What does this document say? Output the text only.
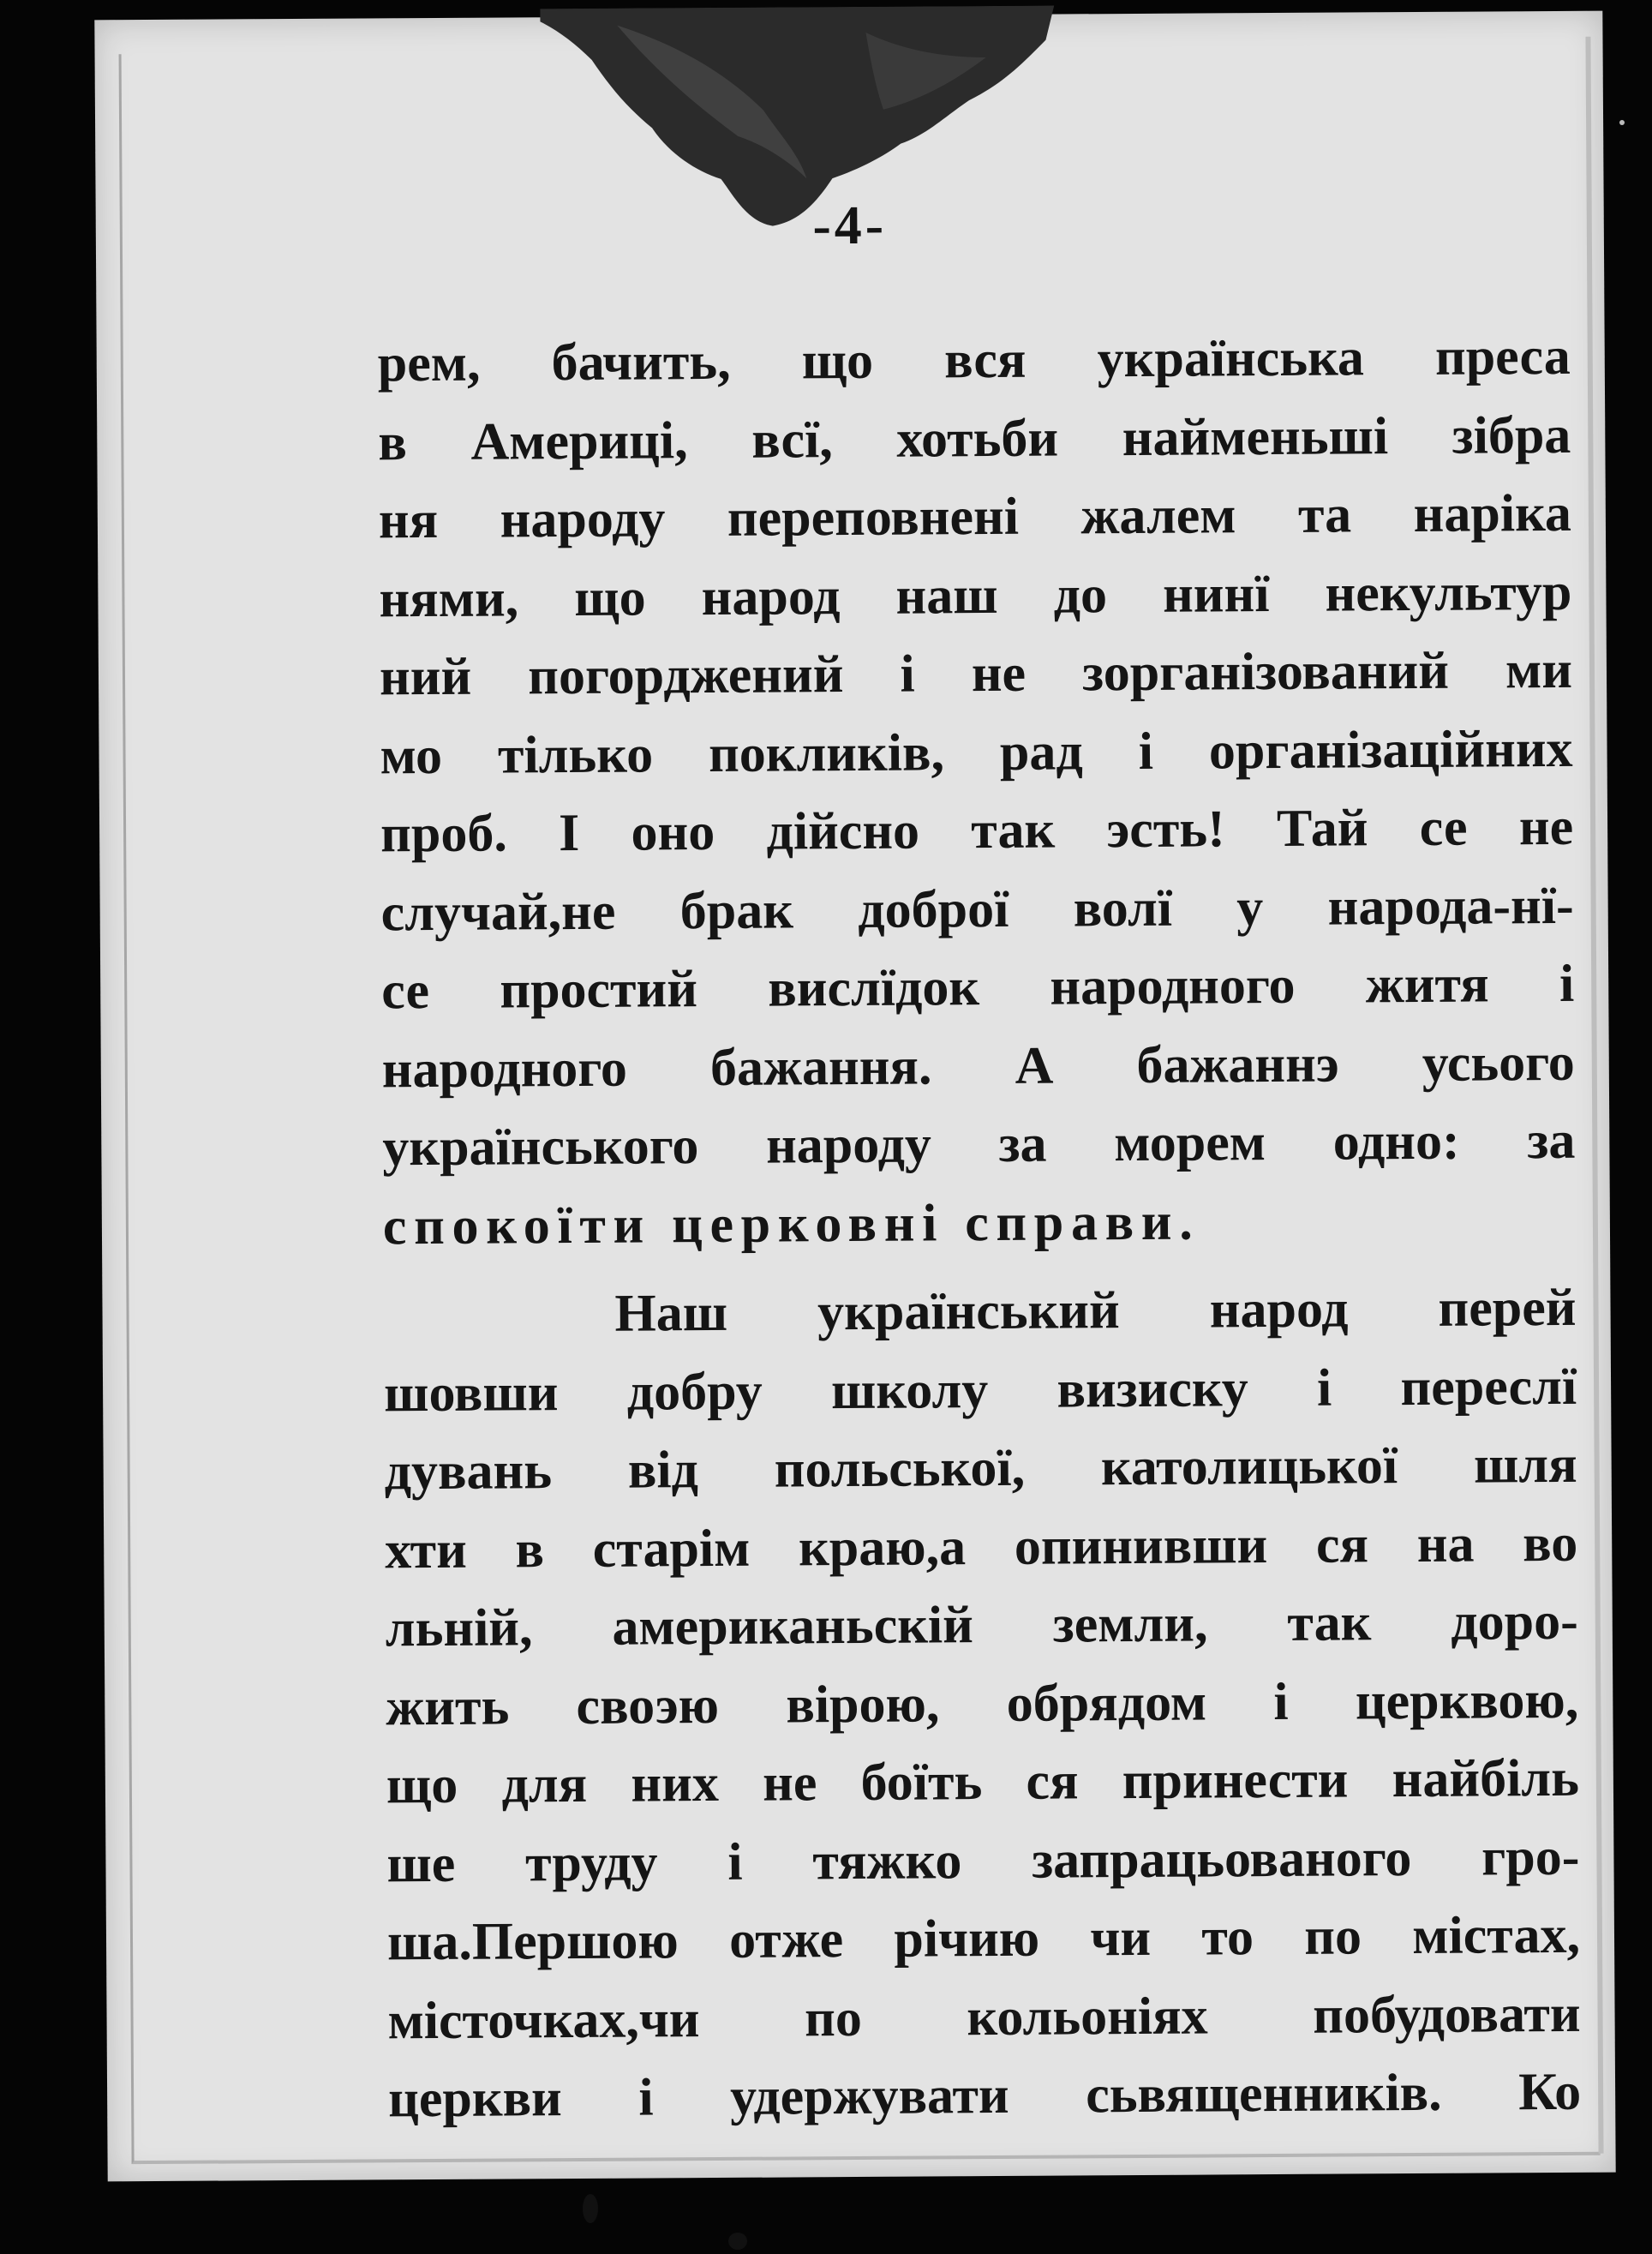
-4-
рем, бачить, що вся українська преса
в Америці, всї, хотьби найменьші зібра
ня народу переповнені жалем та наріка
нями, що народ наш до нинї некультур
ний погорджений і не зорганізований ми
мо тілько покликів, рад і організаційних
проб. І оно дійсно так эсть! Тай се не
случай,не брак доброї волї у народа-нї-
се простий вислїдок народного житя і
народного бажання. А бажаннэ усього
українського народу за морем одно: за
спокоїти церковні справи.
Наш український народ перей
шовши добру школу визиску і переслї
дувань від польської, католицької шля
хти в старім краю,а опинивши ся на во
льній, американьскій земли, так доро-
жить своэю вірою, обрядом і церквою,
що для них не боїть ся принести найбіль
ше труду і тяжко запрацьованого гро-
ша.Першою отже річию чи то по містах,
місточках,чи по кольоніях побудовати
церкви і удержувати сьвященників. Ко
